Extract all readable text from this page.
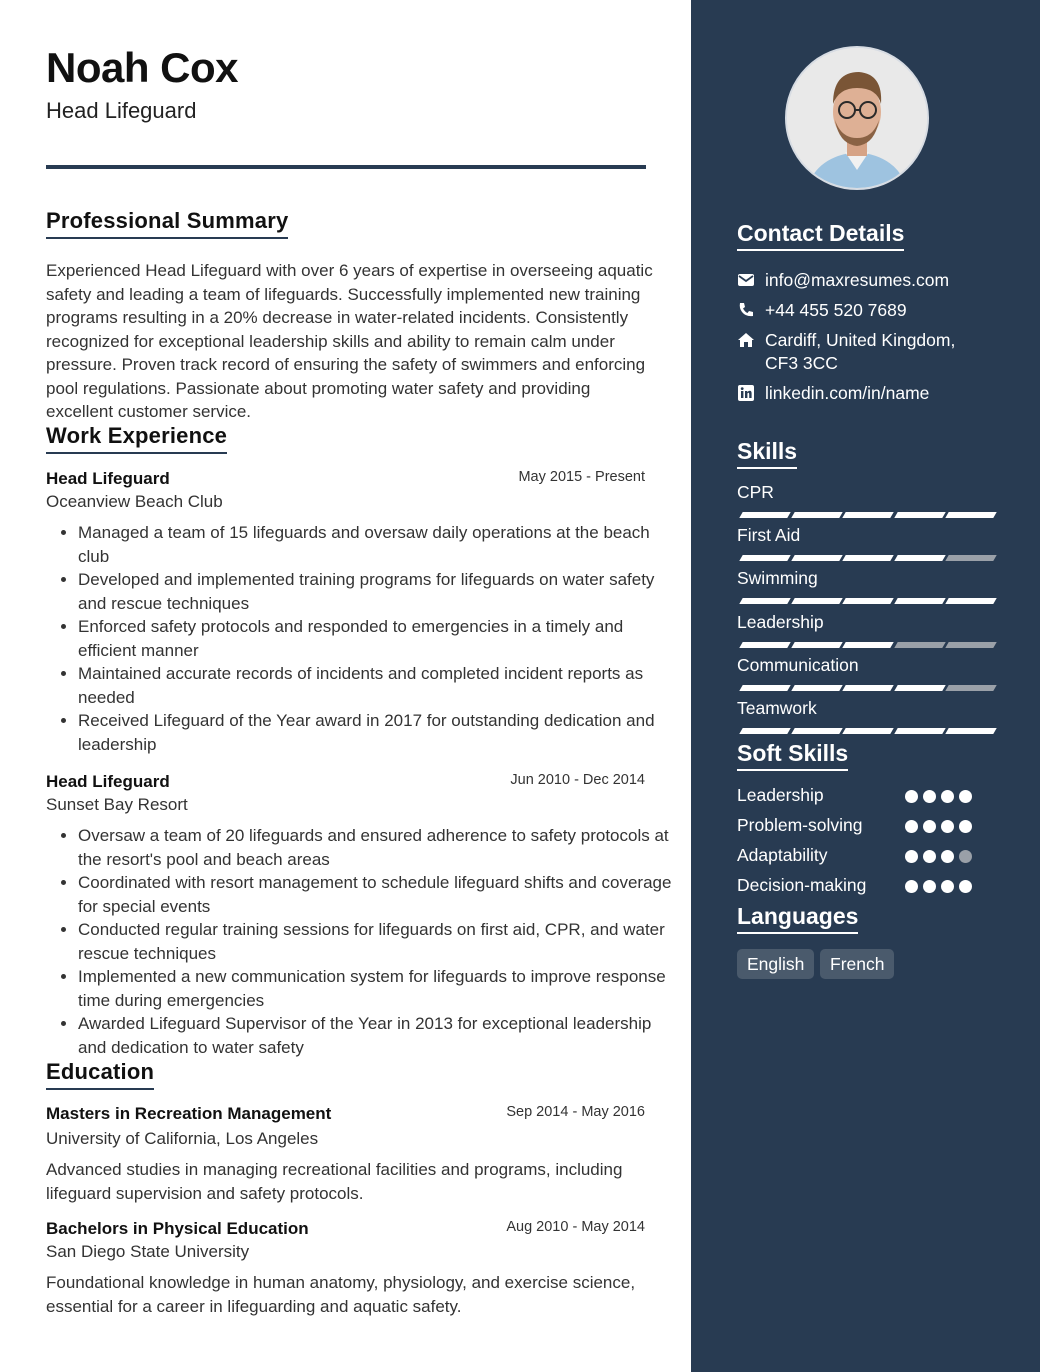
Noah Cox
Head Lifeguard
Professional Summary
Experienced Head Lifeguard with over 6 years of expertise in overseeing aquatic safety and leading a team of lifeguards. Successfully implemented new training programs resulting in a 20% decrease in water-related incidents. Consistently recognized for exceptional leadership skills and ability to remain calm under pressure. Proven track record of ensuring the safety of swimmers and enforcing pool regulations. Passionate about promoting water safety and providing excellent customer service.
Work Experience
Head Lifeguard	May 2015 - Present
Oceanview Beach Club
• Managed a team of 15 lifeguards and oversaw daily operations at the beach club
• Developed and implemented training programs for lifeguards on water safety and rescue techniques
• Enforced safety protocols and responded to emergencies in a timely and efficient manner
• Maintained accurate records of incidents and completed incident reports as needed
• Received Lifeguard of the Year award in 2017 for outstanding dedication and leadership
Head Lifeguard	Jun 2010 - Dec 2014
Sunset Bay Resort
• Oversaw a team of 20 lifeguards and ensured adherence to safety protocols at the resort's pool and beach areas
• Coordinated with resort management to schedule lifeguard shifts and coverage for special events
• Conducted regular training sessions for lifeguards on first aid, CPR, and water rescue techniques
• Implemented a new communication system for lifeguards to improve response time during emergencies
• Awarded Lifeguard Supervisor of the Year in 2013 for exceptional leadership and dedication to water safety
Education
Masters in Recreation Management	Sep 2014 - May 2016
University of California, Los Angeles
Advanced studies in managing recreational facilities and programs, including lifeguard supervision and safety protocols.
Bachelors in Physical Education	Aug 2010 - May 2014
San Diego State University
Foundational knowledge in human anatomy, physiology, and exercise science, essential for a career in lifeguarding and aquatic safety.
Contact Details
info@maxresumes.com
+44 455 520 7689
Cardiff, United Kingdom,
CF3 3CC
linkedin.com/in/name
Skills
CPR
First Aid
Swimming
Leadership
Communication
Teamwork
Soft Skills
Leadership
Problem-solving
Adaptability
Decision-making
Languages
English	French
